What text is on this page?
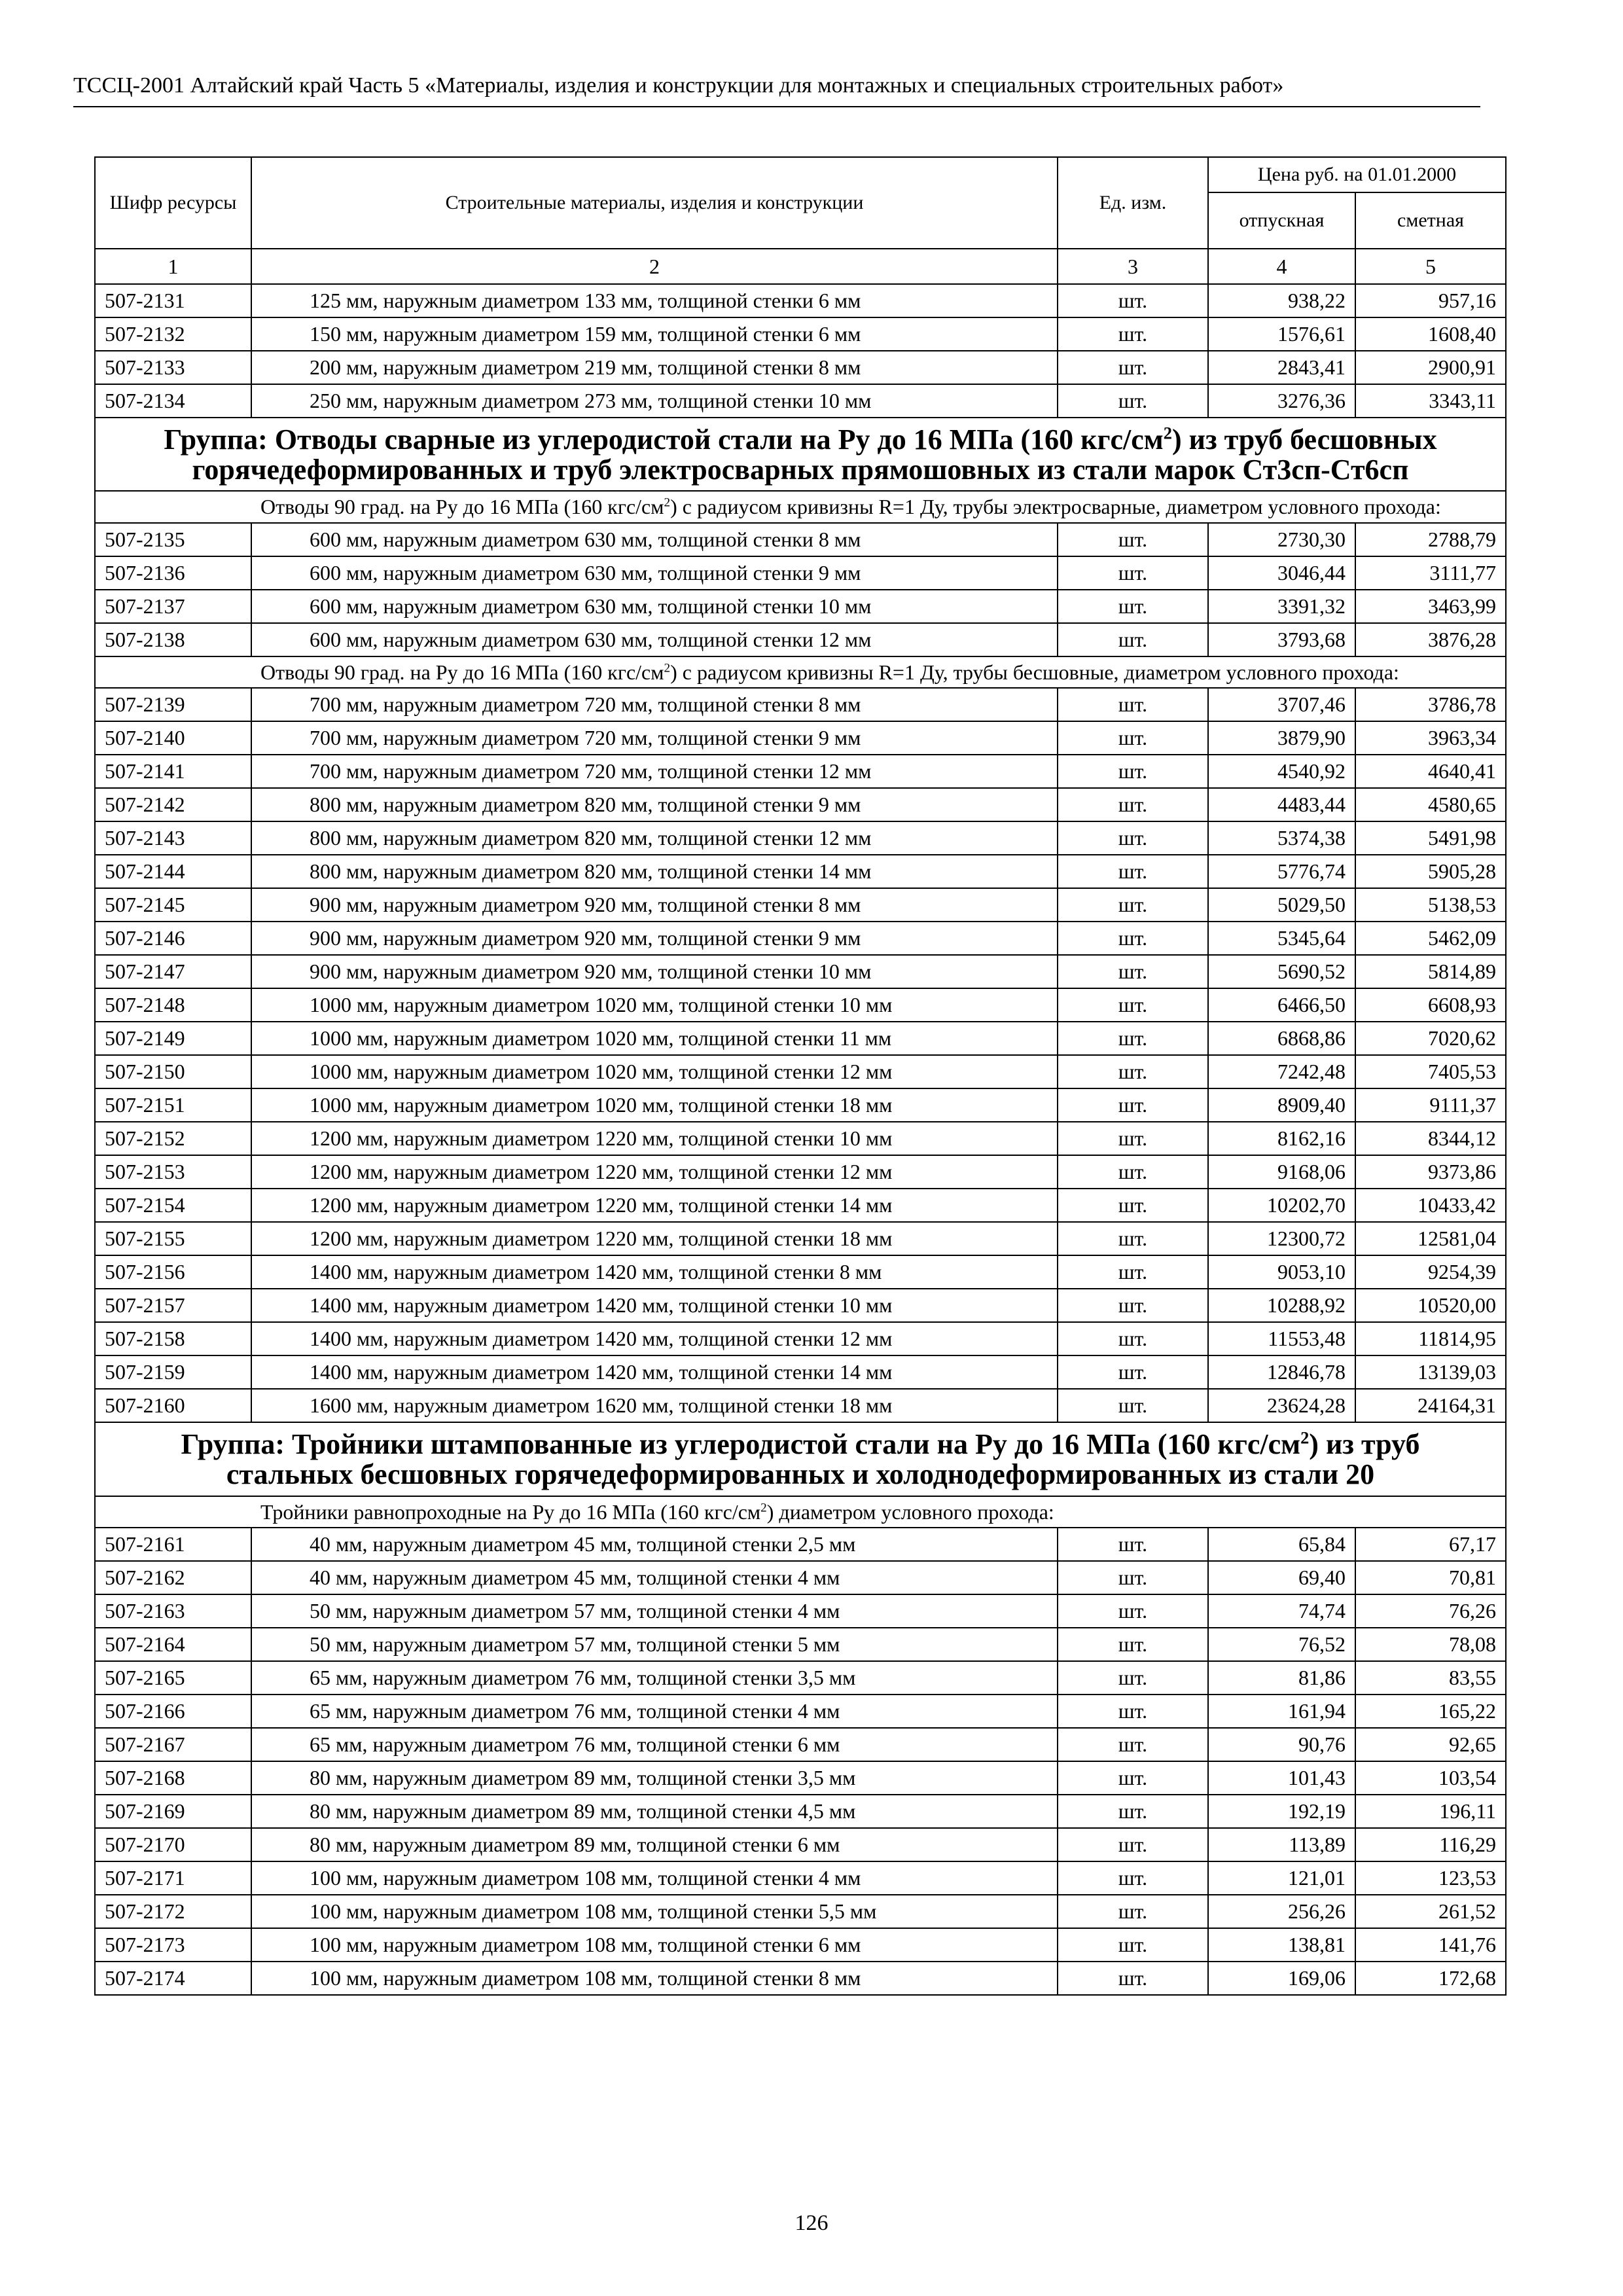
ТССЦ-2001 Алтайский край Часть 5 «Материалы, изделия и конструкции для монтажных и специальных строительных работ»
Шифр ресурсы	Строительные материалы, изделия и конструкции	Ед. изм.	Цена руб. на 01.01.2000	
			отпускная	сметная
1	2	3	4	5
507-2131	125 мм, наружным диаметром 133 мм, толщиной стенки 6 мм	шт.	938,22	957,16
507-2132	150 мм, наружным диаметром 159 мм, толщиной стенки 6 мм	шт.	1576,61	1608,40
507-2133	200 мм, наружным диаметром 219 мм, толщиной стенки 8 мм	шт.	2843,41	2900,91
507-2134	250 мм, наружным диаметром 273 мм, толщиной стенки 10 мм	шт.	3276,36	3343,11
Группа: Отводы сварные из углеродистой стали на Ру до 16 МПа (160 кгс/$см^2$) из труб бесшовных горячедеформированных и труб электросварных прямошовных из стали марок Ст3сп-Ст6сп				
	Отводы 90 град. на Ру до 16 МПа (160 кгс/$см^2$) с радиусом кривизны R=1 Ду, трубы электросварные, диаметром условного прохода:			
507-2135	600 мм, наружным диаметром 630 мм, толщиной стенки 8 мм	шт.	2730,30	2788,79
507-2136	600 мм, наружным диаметром 630 мм, толщиной стенки 9 мм	шт.	3046,44	3111,77
507-2137	600 мм, наружным диаметром 630 мм, толщиной стенки 10 мм	шт.	3391,32	3463,99
507-2138	600 мм, наружным диаметром 630 мм, толщиной стенки 12 мм	шт.	3793,68	3876,28
	Отводы 90 град. на Ру до 16 МПа (160 кгс/$см^2$) с радиусом кривизны R=1 Ду, трубы бесшовные, диаметром условного прохода:			
507-2139	700 мм, наружным диаметром 720 мм, толщиной стенки 8 мм	шт.	3707,46	3786,78
507-2140	700 мм, наружным диаметром 720 мм, толщиной стенки 9 мм	шт.	3879,90	3963,34
507-2141	700 мм, наружным диаметром 720 мм, толщиной стенки 12 мм	шт.	4540,92	4640,41
507-2142	800 мм, наружным диаметром 820 мм, толщиной стенки 9 мм	шт.	4483,44	4580,65
507-2143	800 мм, наружным диаметром 820 мм, толщиной стенки 12 мм	шт.	5374,38	5491,98
507-2144	800 мм, наружным диаметром 820 мм, толщиной стенки 14 мм	шт.	5776,74	5905,28
507-2145	900 мм, наружным диаметром 920 мм, толщиной стенки 8 мм	шт.	5029,50	5138,53
507-2146	900 мм, наружным диаметром 920 мм, толщиной стенки 9 мм	шт.	5345,64	5462,09
507-2147	900 мм, наружным диаметром 920 мм, толщиной стенки 10 мм	шт.	5690,52	5814,89
507-2148	1000 мм, наружным диаметром 1020 мм, толщиной стенки 10 мм	шт.	6466,50	6608,93
507-2149	1000 мм, наружным диаметром 1020 мм, толщиной стенки 11 мм	шт.	6868,86	7020,62
507-2150	1000 мм, наружным диаметром 1020 мм, толщиной стенки 12 мм	шт.	7242,48	7405,53
507-2151	1000 мм, наружным диаметром 1020 мм, толщиной стенки 18 мм	шт.	8909,40	9111,37
507-2152	1200 мм, наружным диаметром 1220 мм, толщиной стенки 10 мм	шт.	8162,16	8344,12
507-2153	1200 мм, наружным диаметром 1220 мм, толщиной стенки 12 мм	шт.	9168,06	9373,86
507-2154	1200 мм, наружным диаметром 1220 мм, толщиной стенки 14 мм	шт.	10202,70	10433,42
507-2155	1200 мм, наружным диаметром 1220 мм, толщиной стенки 18 мм	шт.	12300,72	12581,04
507-2156	1400 мм, наружным диаметром 1420 мм, толщиной стенки 8 мм	шт.	9053,10	9254,39
507-2157	1400 мм, наружным диаметром 1420 мм, толщиной стенки 10 мм	шт.	10288,92	10520,00
507-2158	1400 мм, наружным диаметром 1420 мм, толщиной стенки 12 мм	шт.	11553,48	11814,95
507-2159	1400 мм, наружным диаметром 1420 мм, толщиной стенки 14 мм	шт.	12846,78	13139,03
507-2160	1600 мм, наружным диаметром 1620 мм, толщиной стенки 18 мм	шт.	23624,28	24164,31
Группа: Тройники штампованные из углеродистой стали на Ру до 16 МПа (160 кгс/$см^2$) из труб стальных бесшовных горячедеформированных и холоднодеформированных из стали 20				
	Тройники равнопроходные на Ру до 16 МПа (160 кгс/$см^2$) диаметром условного прохода:			
507-2161	40 мм, наружным диаметром 45 мм, толщиной стенки 2,5 мм	шт.	65,84	67,17
507-2162	40 мм, наружным диаметром 45 мм, толщиной стенки 4 мм	шт.	69,40	70,81
507-2163	50 мм, наружным диаметром 57 мм, толщиной стенки 4 мм	шт.	74,74	76,26
507-2164	50 мм, наружным диаметром 57 мм, толщиной стенки 5 мм	шт.	76,52	78,08
507-2165	65 мм, наружным диаметром 76 мм, толщиной стенки 3,5 мм	шт.	81,86	83,55
507-2166	65 мм, наружным диаметром 76 мм, толщиной стенки 4 мм	шт.	161,94	165,22
507-2167	65 мм, наружным диаметром 76 мм, толщиной стенки 6 мм	шт.	90,76	92,65
507-2168	80 мм, наружным диаметром 89 мм, толщиной стенки 3,5 мм	шт.	101,43	103,54
507-2169	80 мм, наружным диаметром 89 мм, толщиной стенки 4,5 мм	шт.	192,19	196,11
507-2170	80 мм, наружным диаметром 89 мм, толщиной стенки 6 мм	шт.	113,89	116,29
507-2171	100 мм, наружным диаметром 108 мм, толщиной стенки 4 мм	шт.	121,01	123,53
507-2172	100 мм, наружным диаметром 108 мм, толщиной стенки 5,5 мм	шт.	256,26	261,52
507-2173	100 мм, наружным диаметром 108 мм, толщиной стенки 6 мм	шт.	138,81	141,76
507-2174	100 мм, наружным диаметром 108 мм, толщиной стенки 8 мм	шт.	169,06	172,68
126
